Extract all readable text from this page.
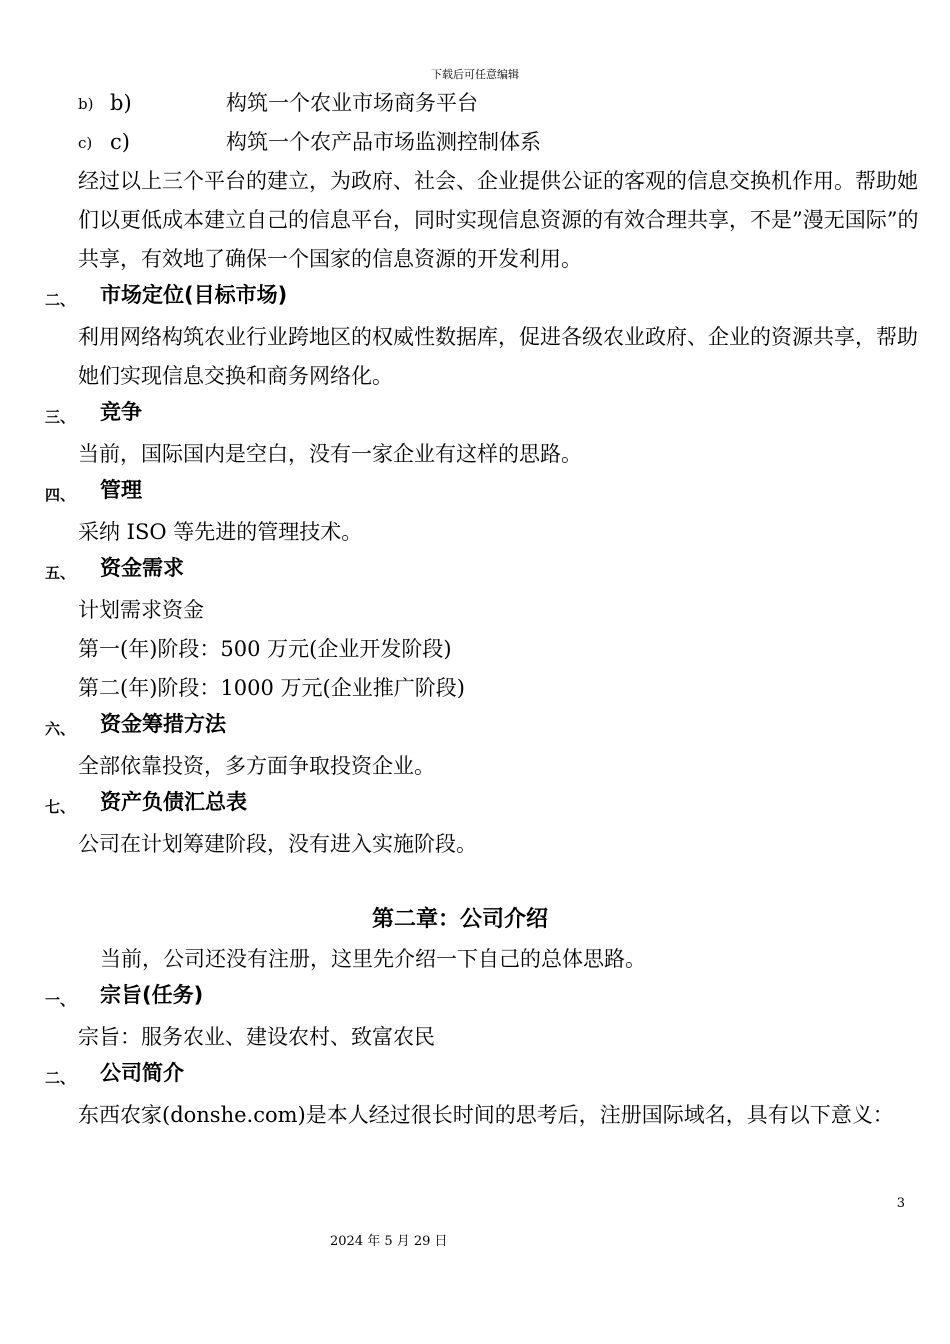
下载后可任意编辑
b) b)	构筑一个农业市场商务平台
c) c)	构筑一个农产品市场监测控制体系
经过以上三个平台的建立，为政府、社会、企业提供公证的客观的信息交换机作用。帮助她们以更低成本建立自己的信息平台，同时实现信息资源的有效合理共享，不是”漫无国际”的共享，有效地了确保一个国家的信息资源的开发利用。
二、 市场定位(目标市场)
利用网络构筑农业行业跨地区的权威性数据库，促进各级农业政府、企业的资源共享，帮助她们实现信息交换和商务网络化。
三、 竞争
当前，国际国内是空白，没有一家企业有这样的思路。
四、 管理
采纳 ISO 等先进的管理技术。
五、 资金需求
计划需求资金
第一(年)阶段：500 万元(企业开发阶段)
第二(年)阶段：1000 万元(企业推广阶段)
六、 资金筹措方法
全部依靠投资，多方面争取投资企业。
七、 资产负债汇总表
公司在计划筹建阶段，没有进入实施阶段。
第二章：公司介绍
当前，公司还没有注册，这里先介绍一下自己的总体思路。
一、 宗旨(任务)
宗旨：服务农业、建设农村、致富农民
二、 公司简介
东西农家(donshe.com)是本人经过很长时间的思考后，注册国际域名，具有以下意义：
3
2024 年 5 月 29 日
